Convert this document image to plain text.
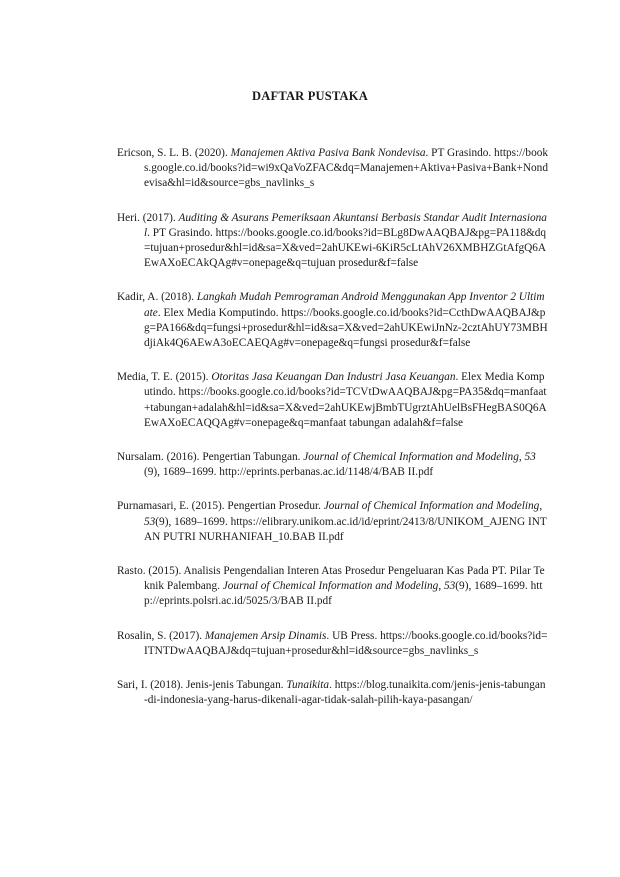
DAFTAR PUSTAKA

Ericson, S. L. B. (2020). Manajemen Aktiva Pasiva Bank Nondevisa. PT Grasindo. https://books.google.co.id/books?id=wi9xQaVoZFAC&dq=Manajemen+Aktiva+Pasiva+Bank+Nondevisa&hl=id&source=gbs_navlinks_s

Heri. (2017). Auditing & Asurans Pemeriksaan Akuntansi Berbasis Standar Audit Internasional. PT Grasindo. https://books.google.co.id/books?id=BLg8DwAAQBAJ&pg=PA118&dq=tujuan+prosedur&hl=id&sa=X&ved=2ahUKEwi-6KiR5cLtAhV26XMBHZGtAfgQ6AEwAXoECAkQAg#v=onepage&q=tujuan prosedur&f=false

Kadir, A. (2018). Langkah Mudah Pemrograman Android Menggunakan App Inventor 2 Ultimate. Elex Media Komputindo. https://books.google.co.id/books?id=CcthDwAAQBAJ&pg=PA166&dq=fungsi+prosedur&hl=id&sa=X&ved=2ahUKEwiJnNz-2cztAhUY73MBHdjiAk4Q6AEwA3oECAEQAg#v=onepage&q=fungsi prosedur&f=false

Media, T. E. (2015). Otoritas Jasa Keuangan Dan Industri Jasa Keuangan. Elex Media Komputindo. https://books.google.co.id/books?id=TCVtDwAAQBAJ&pg=PA35&dq=manfaat+tabungan+adalah&hl=id&sa=X&ved=2ahUKEwjBmbTUgrztAhUelBsFHegBAS0Q6AEwAXoECAQQAg#v=onepage&q=manfaat tabungan adalah&f=false

Nursalam. (2016). Pengertian Tabungan. Journal of Chemical Information and Modeling, 53(9), 1689–1699. http://eprints.perbanas.ac.id/1148/4/BAB II.pdf

Purnamasari, E. (2015). Pengertian Prosedur. Journal of Chemical Information and Modeling, 53(9), 1689–1699. https://elibrary.unikom.ac.id/id/eprint/2413/8/UNIKOM_AJENG INTAN PUTRI NURHANIFAH_10.BAB II.pdf

Rasto. (2015). Analisis Pengendalian Interen Atas Prosedur Pengeluaran Kas Pada PT. Pilar Teknik Palembang. Journal of Chemical Information and Modeling, 53(9), 1689–1699. http://eprints.polsri.ac.id/5025/3/BAB II.pdf

Rosalin, S. (2017). Manajemen Arsip Dinamis. UB Press. https://books.google.co.id/books?id=ITNTDwAAQBAJ&dq=tujuan+prosedur&hl=id&source=gbs_navlinks_s

Sari, I. (2018). Jenis-jenis Tabungan. Tunaikita. https://blog.tunaikita.com/jenis-jenis-tabungan-di-indonesia-yang-harus-dikenali-agar-tidak-salah-pilih-kaya-pasangan/
